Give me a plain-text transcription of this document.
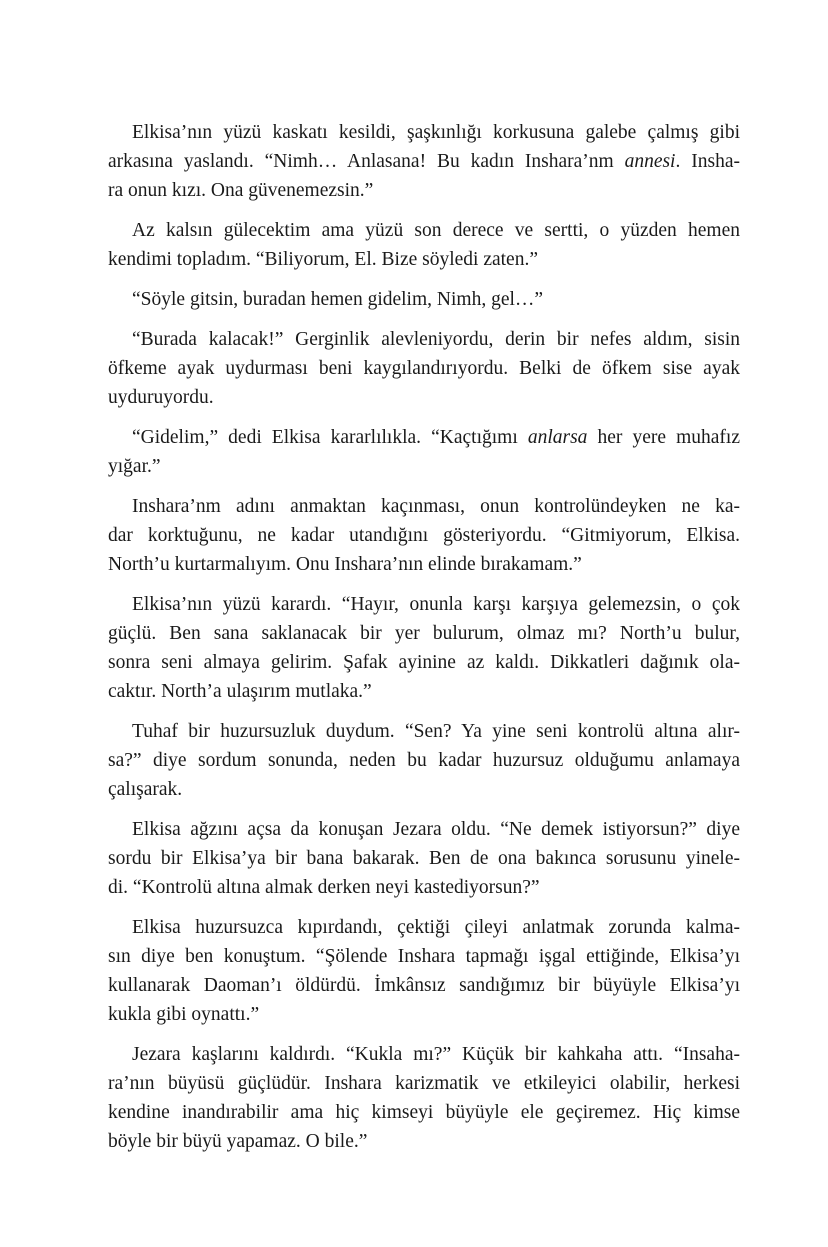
Elkisa’nın yüzü kaskatı kesildi, şaşkınlığı korkusuna galebe çalmış gibi
arkasına yaslandı. “Nimh… Anlasana! Bu kadın Inshara’nm annesi. Insha-
ra onun kızı. Ona güvenemezsin.”
Az kalsın gülecektim ama yüzü son derece ve sertti, o yüzden hemen
kendimi topladım. “Biliyorum, El. Bize söyledi zaten.”
“Söyle gitsin, buradan hemen gidelim, Nimh, gel…”
“Burada kalacak!” Gerginlik alevleniyordu, derin bir nefes aldım, sisin
öfkeme ayak uydurması beni kaygılandırıyordu. Belki de öfkem sise ayak
uyduruyordu.
“Gidelim,” dedi Elkisa kararlılıkla. “Kaçtığımı anlarsa her yere muhafız
yığar.”
Inshara’nm adını anmaktan kaçınması, onun kontrolündeyken ne ka-
dar korktuğunu, ne kadar utandığını gösteriyordu. “Gitmiyorum, Elkisa.
North’u kurtarmalıyım. Onu Inshara’nın elinde bırakamam.”
Elkisa’nın yüzü karardı. “Hayır, onunla karşı karşıya gelemezsin, o çok
güçlü. Ben sana saklanacak bir yer bulurum, olmaz mı? North’u bulur,
sonra seni almaya gelirim. Şafak ayinine az kaldı. Dikkatleri dağınık ola-
caktır. North’a ulaşırım mutlaka.”
Tuhaf bir huzursuzluk duydum. “Sen? Ya yine seni kontrolü altına alır-
sa?” diye sordum sonunda, neden bu kadar huzursuz olduğumu anlamaya
çalışarak.
Elkisa ağzını açsa da konuşan Jezara oldu. “Ne demek istiyorsun?” diye
sordu bir Elkisa’ya bir bana bakarak. Ben de ona bakınca sorusunu yinele-
di. “Kontrolü altına almak derken neyi kastediyorsun?”
Elkisa huzursuzca kıpırdandı, çektiği çileyi anlatmak zorunda kalma-
sın diye ben konuştum. “Şölende Inshara tapmağı işgal ettiğinde, Elkisa’yı
kullanarak Daoman’ı öldürdü. İmkânsız sandığımız bir büyüyle Elkisa’yı
kukla gibi oynattı.”
Jezara kaşlarını kaldırdı. “Kukla mı?” Küçük bir kahkaha attı. “Insaha-
ra’nın büyüsü güçlüdür. Inshara karizmatik ve etkileyici olabilir, herkesi
kendine inandırabilir ama hiç kimseyi büyüyle ele geçiremez. Hiç kimse
böyle bir büyü yapamaz. O bile.”
